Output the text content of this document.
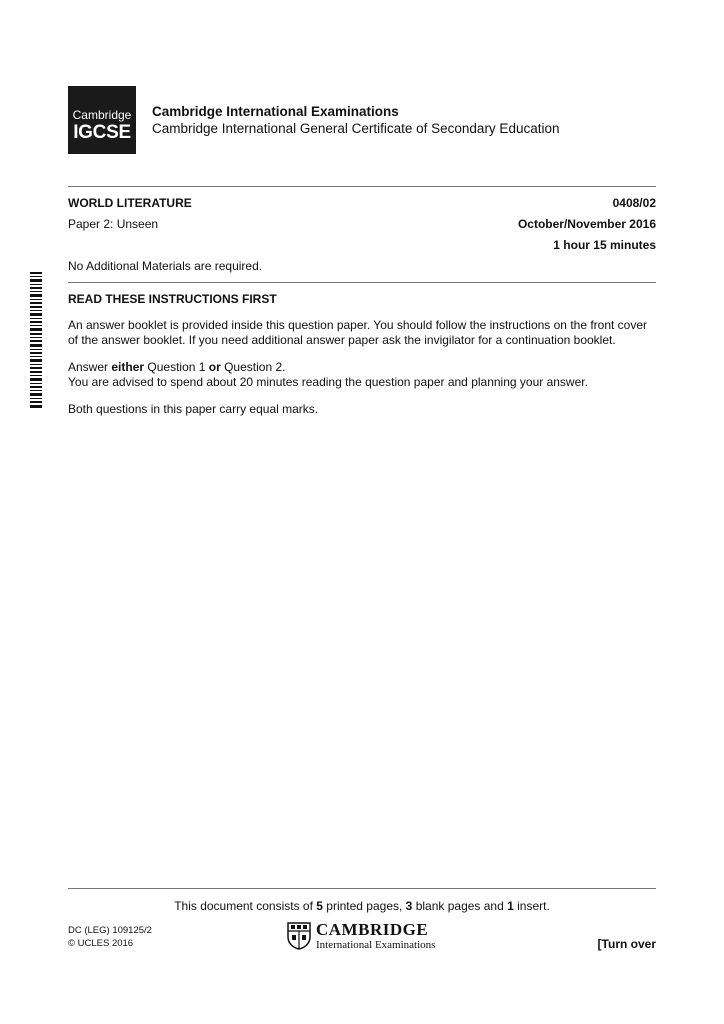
Cambridge
IGCSE
Cambridge International Examinations
Cambridge International General Certificate of Secondary Education
WORLD LITERATURE	0408/02
Paper 2: Unseen	October/November 2016
1 hour 15 minutes
No Additional Materials are required.
READ THESE INSTRUCTIONS FIRST
An answer booklet is provided inside this question paper. You should follow the instructions on the front cover
of the answer booklet. If you need additional answer paper ask the invigilator for a continuation booklet.
Answer either Question 1 or Question 2.
You are advised to spend about 20 minutes reading the question paper and planning your answer.
Both questions in this paper carry equal marks.
This document consists of 5 printed pages, 3 blank pages and 1 insert.
DC (LEG) 109125/2
© UCLES 2016
CAMBRIDGE
International Examinations	[Turn over
